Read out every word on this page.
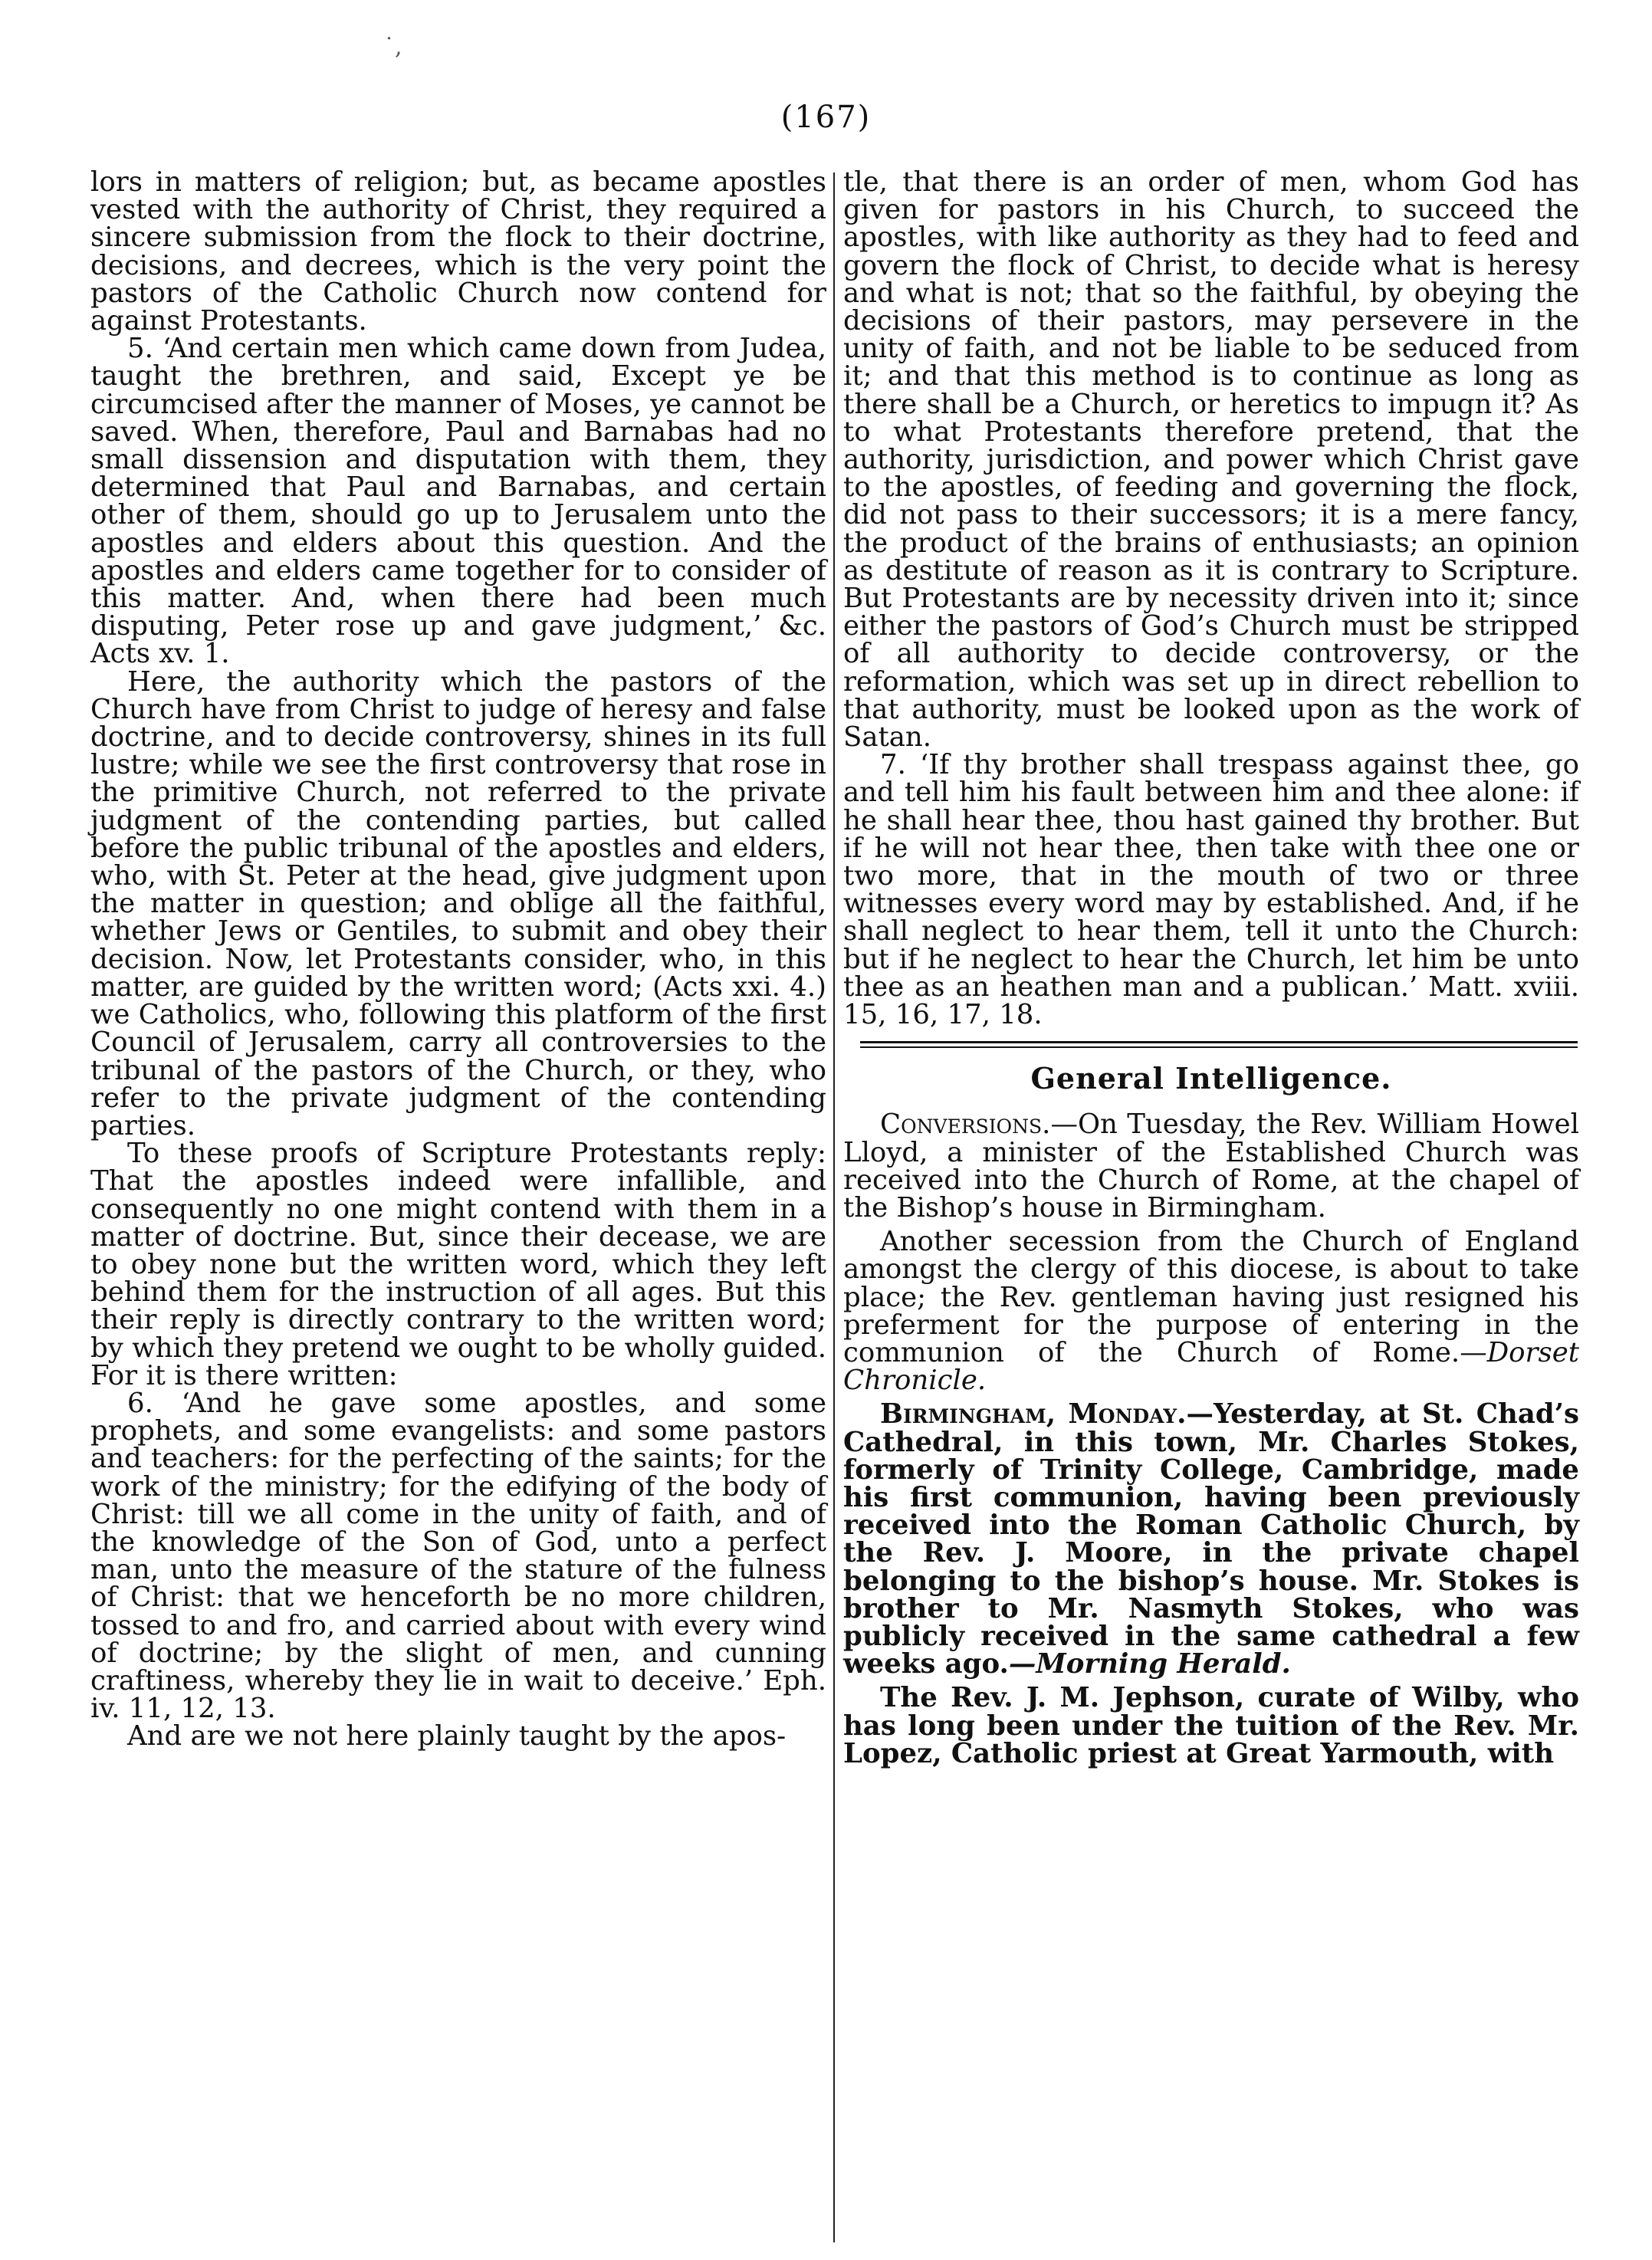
˙,
(167)

lors in matters of religion; but, as became apostles vested with the authority of Christ, they required a sincere submission from the flock to their doctrine, decisions, and decrees, which is the very point the pastors of the Catholic Church now contend for against Protestants.

5. ‘And certain men which came down from Judea, taught the brethren, and said, Except ye be circumcised after the manner of Moses, ye cannot be saved. When, therefore, Paul and Barnabas had no small dissension and disputation with them, they determined that Paul and Barnabas, and certain other of them, should go up to Jerusalem unto the apostles and elders about this question. And the apostles and elders came together for to consider of this matter. And, when there had been much disputing, Peter rose up and gave judgment,’ &c. Acts xv. 1.

Here, the authority which the pastors of the Church have from Christ to judge of heresy and false doctrine, and to decide controversy, shines in its full lustre; while we see the first controversy that rose in the primitive Church, not referred to the private judgment of the contending parties, but called before the public tribunal of the apostles and elders, who, with St. Peter at the head, give judgment upon the matter in question; and oblige all the faithful, whether Jews or Gentiles, to submit and obey their decision. Now, let Protestants consider, who, in this matter, are guided by the written word; (Acts xxi. 4.) we Catholics, who, following this platform of the first Council of Jerusalem, carry all controversies to the tribunal of the pastors of the Church, or they, who refer to the private judgment of the contending parties.

To these proofs of Scripture Protestants reply: That the apostles indeed were infallible, and consequently no one might contend with them in a matter of doctrine. But, since their decease, we are to obey none but the written word, which they left behind them for the instruction of all ages. But this their reply is directly contrary to the written word; by which they pretend we ought to be wholly guided. For it is there written:

6. ‘And he gave some apostles, and some prophets, and some evangelists: and some pastors and teachers: for the perfecting of the saints; for the work of the ministry; for the edifying of the body of Christ: till we all come in the unity of faith, and of the knowledge of the Son of God, unto a perfect man, unto the measure of the stature of the fulness of Christ: that we henceforth be no more children, tossed to and fro, and carried about with every wind of doctrine; by the slight of men, and cunning craftiness, whereby they lie in wait to deceive.’ Eph. iv. 11, 12, 13.

And are we not here plainly taught by the apos-

tle, that there is an order of men, whom God has given for pastors in his Church, to succeed the apostles, with like authority as they had to feed and govern the flock of Christ, to decide what is heresy and what is not; that so the faithful, by obeying the decisions of their pastors, may persevere in the unity of faith, and not be liable to be seduced from it; and that this method is to continue as long as there shall be a Church, or heretics to impugn it? As to what Protestants therefore pretend, that the authority, jurisdiction, and power which Christ gave to the apostles, of feeding and governing the flock, did not pass to their successors; it is a mere fancy, the product of the brains of enthusiasts; an opinion as destitute of reason as it is contrary to Scripture. But Protestants are by necessity driven into it; since either the pastors of God’s Church must be stripped of all authority to decide controversy, or the reformation, which was set up in direct rebellion to that authority, must be looked upon as the work of Satan.

7. ‘If thy brother shall trespass against thee, go and tell him his fault between him and thee alone: if he shall hear thee, thou hast gained thy brother. But if he will not hear thee, then take with thee one or two more, that in the mouth of two or three witnesses every word may by established. And, if he shall neglect to hear them, tell it unto the Church: but if he neglect to hear the Church, let him be unto thee as an heathen man and a publican.’ Matt. xviii. 15, 16, 17, 18.

General Intelligence.

Conversions.—On Tuesday, the Rev. William Howel Lloyd, a minister of the Established Church was received into the Church of Rome, at the chapel of the Bishop’s house in Birmingham.

Another secession from the Church of England amongst the clergy of this diocese, is about to take place; the Rev. gentleman having just resigned his preferment for the purpose of entering in the communion of the Church of Rome.—Dorset Chronicle.

Birmingham, Monday.—Yesterday, at St. Chad’s Cathedral, in this town, Mr. Charles Stokes, formerly of Trinity College, Cambridge, made his first communion, having been previously received into the Roman Catholic Church, by the Rev. J. Moore, in the private chapel belonging to the bishop’s house. Mr. Stokes is brother to Mr. Nasmyth Stokes, who was publicly received in the same cathedral a few weeks ago.—Morning Herald.

The Rev. J. M. Jephson, curate of Wilby, who has long been under the tuition of the Rev. Mr. Lopez, Catholic priest at Great Yarmouth, with
